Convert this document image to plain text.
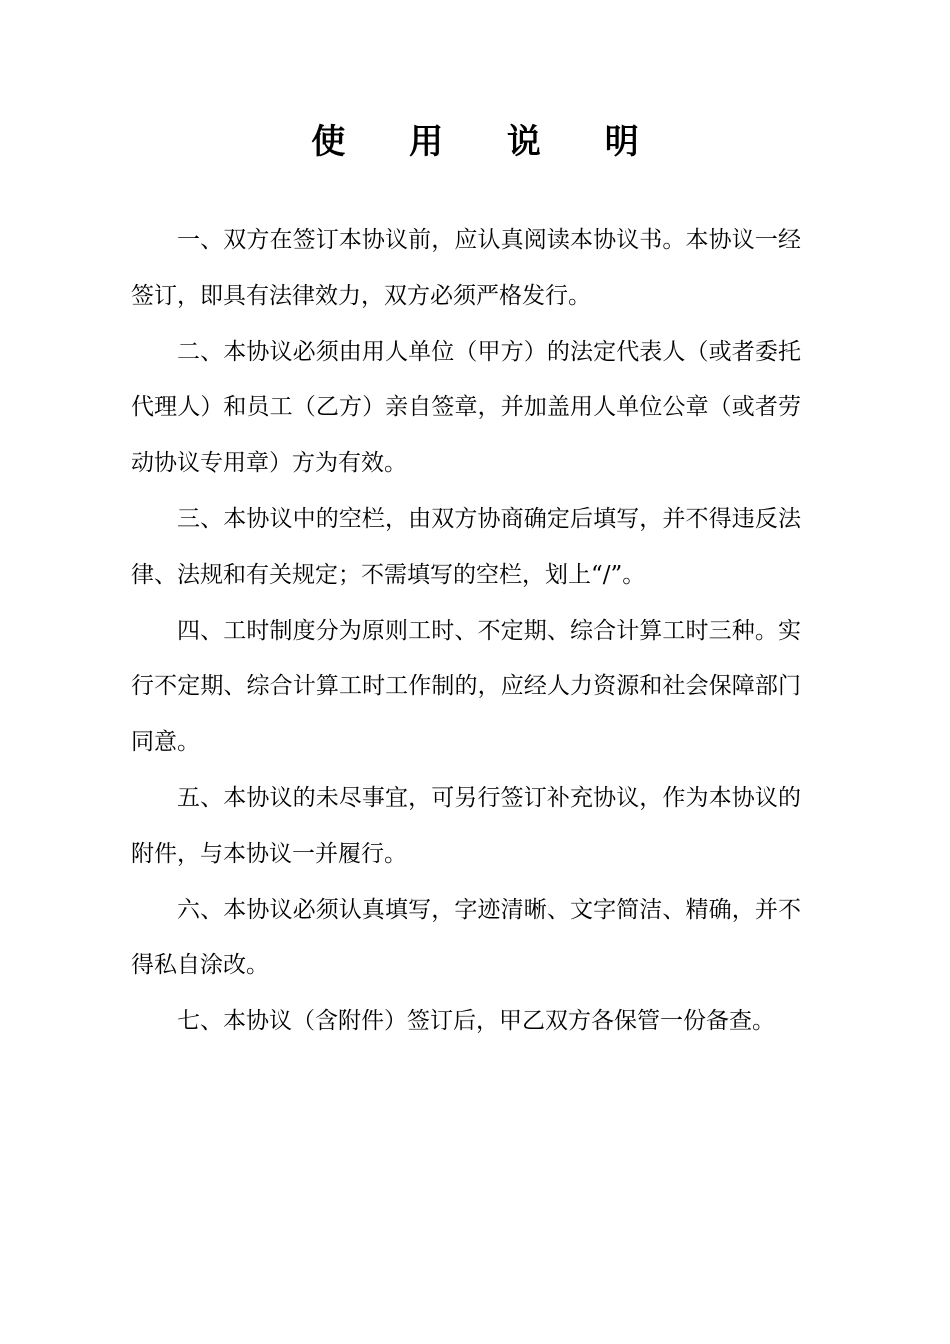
使 用 说 明

一、双方在签订本协议前，应认真阅读本协议书。本协议一经签订，即具有法律效力，双方必须严格发行。

二、本协议必须由用人单位（甲方）的法定代表人（或者委托代理人）和员工（乙方）亲自签章，并加盖用人单位公章（或者劳动协议专用章）方为有效。

三、本协议中的空栏，由双方协商确定后填写，并不得违反法律、法规和有关规定；不需填写的空栏，划上“/”。

四、工时制度分为原则工时、不定期、综合计算工时三种。实行不定期、综合计算工时工作制的，应经人力资源和社会保障部门同意。

五、本协议的未尽事宜，可另行签订补充协议，作为本协议的附件，与本协议一并履行。

六、本协议必须认真填写，字迹清晰、文字简洁、精确，并不得私自涂改。

七、本协议（含附件）签订后，甲乙双方各保管一份备查。
